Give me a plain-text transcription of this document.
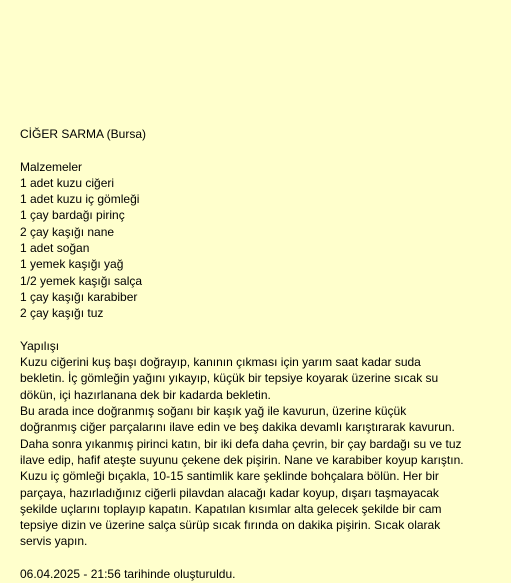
CİĞER SARMA (Bursa)
Malzemeler
1 adet kuzu ciğeri
1 adet kuzu iç gömleği
1 çay bardağı pirinç
2 çay kaşığı nane
1 adet soğan
1 yemek kaşığı yağ
1/2 yemek kaşığı salça
1 çay kaşığı karabiber
2 çay kaşığı tuz
Yapılışı
Kuzu ciğerini kuş başı doğrayıp, kanının çıkması için yarım saat kadar suda
bekletin. İç gömleğin yağını yıkayıp, küçük bir tepsiye koyarak üzerine sıcak su
dökün, içi hazırlanana dek bir kadarda bekletin.
Bu arada ince doğranmış soğanı bir kaşık yağ ile kavurun, üzerine küçük
doğranmış ciğer parçalarını ilave edin ve beş dakika devamlı karıştırarak kavurun.
Daha sonra yıkanmış pirinci katın, bir iki defa daha çevrin, bir çay bardağı su ve tuz
ilave edip, hafif ateşte suyunu çekene dek pişirin. Nane ve karabiber koyup karıştın.
Kuzu iç gömleği bıçakla, 10-15 santimlik kare şeklinde bohçalara bölün. Her bir
parçaya, hazırladığınız ciğerli pilavdan alacağı kadar koyup, dışarı taşmayacak
şekilde uçlarını toplayıp kapatın. Kapatılan kısımlar alta gelecek şekilde bir cam
tepsiye dizin ve üzerine salça sürüp sıcak fırında on dakika pişirin. Sıcak olarak
servis yapın.
06.04.2025 - 21:56 tarihinde oluşturuldu.
